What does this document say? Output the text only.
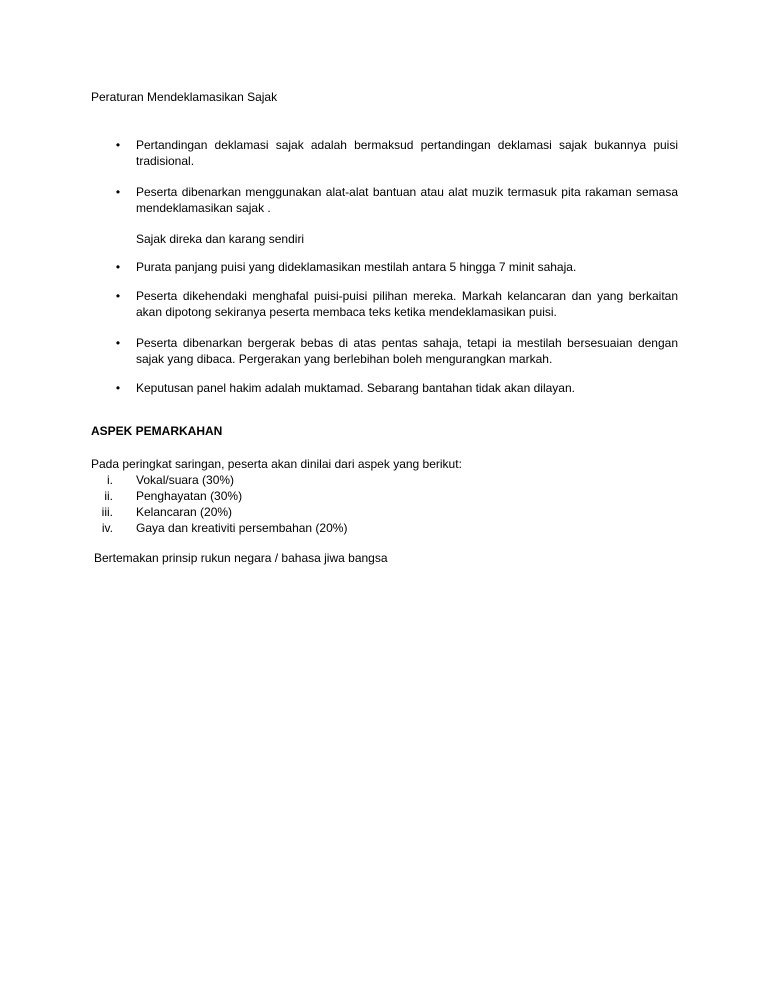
Peraturan Mendeklamasikan Sajak
• Pertandingan deklamasi sajak adalah bermaksud pertandingan deklamasi sajak bukannya puisi tradisional.
• Peserta dibenarkan menggunakan alat-alat bantuan atau alat muzik termasuk pita rakaman semasa mendeklamasikan sajak .
Sajak direka dan karang sendiri
• Purata panjang puisi yang dideklamasikan mestilah antara 5 hingga 7 minit sahaja.
• Peserta dikehendaki menghafal puisi-puisi pilihan mereka. Markah kelancaran dan yang berkaitan akan dipotong sekiranya peserta membaca teks ketika mendeklamasikan puisi.
• Peserta dibenarkan bergerak bebas di atas pentas sahaja, tetapi ia mestilah bersesuaian dengan sajak yang dibaca. Pergerakan yang berlebihan boleh mengurangkan markah.
• Keputusan panel hakim adalah muktamad. Sebarang bantahan tidak akan dilayan.
ASPEK PEMARKAHAN
Pada peringkat saringan, peserta akan dinilai dari aspek yang berikut:
i. Vokal/suara (30%)
ii. Penghayatan (30%)
iii. Kelancaran (20%)
iv. Gaya dan kreativiti persembahan (20%)
Bertemakan prinsip rukun negara / bahasa jiwa bangsa
